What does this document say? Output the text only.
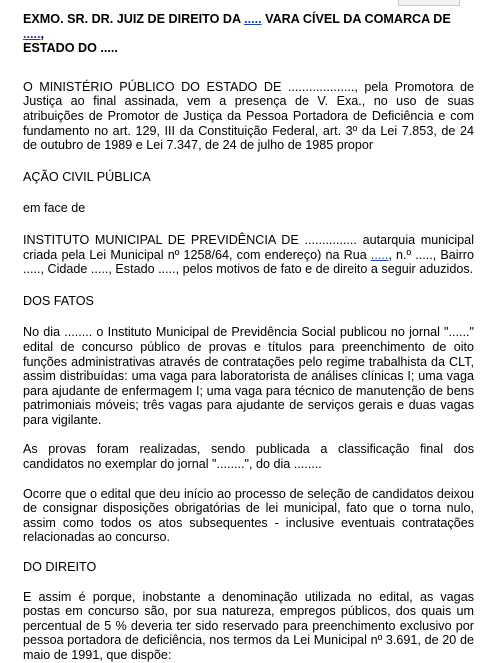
EXMO. SR. DR. JUIZ DE DIREITO DA ..... VARA CÍVEL DA COMARCA DE .....,
ESTADO DO .....

O MINISTÉRIO PÚBLICO DO ESTADO DE ..................., pela Promotora de Justiça ao final assinada, vem a presença de V. Exa., no uso de suas atribuições de Promotor de Justiça da Pessoa Portadora de Deficiência e com fundamento no art. 129, III da Constituição Federal, art. 3º da Lei 7.853, de 24 de outubro de 1989 e Lei 7.347, de 24 de julho de 1985 propor

AÇÃO CIVIL PÚBLICA

em face de

INSTITUTO MUNICIPAL DE PREVIDÊNCIA DE ............... autarquia municipal criada pela Lei Municipal nº 1258/64, com endereço) na Rua ....., n.º ....., Bairro ....., Cidade ....., Estado ....., pelos motivos de fato e de direito a seguir aduzidos.

DOS FATOS

No dia ........ o Instituto Municipal de Previdência Social publicou no jornal "......" edital de concurso público de provas e títulos para preenchimento de oito funções administrativas através de contratações pelo regime trabalhista da CLT, assim distribuídas: uma vaga para laboratorista de análises clínicas I; uma vaga para ajudante de enfermagem I; uma vaga para técnico de manutenção de bens patrimoniais móveis; três vagas para ajudante de serviços gerais e duas vagas para vigilante.

As provas foram realizadas, sendo publicada a classificação final dos candidatos no exemplar do jornal "........", do dia ........

Ocorre que o edital que deu início ao processo de seleção de candidatos deixou de consignar disposições obrigatórias de lei municipal, fato que o torna nulo, assim como todos os atos subsequentes - inclusive eventuais contratações relacionadas ao concurso.

DO DIREITO

E assim é porque, inobstante a denominação utilizada no edital, as vagas postas em concurso são, por sua natureza, empregos públicos, dos quais um percentual de 5 % deveria ter sido reservado para preenchimento exclusivo por pessoa portadora de deficiência, nos termos da Lei Municipal nº 3.691, de 20 de maio de 1991, que dispõe:
